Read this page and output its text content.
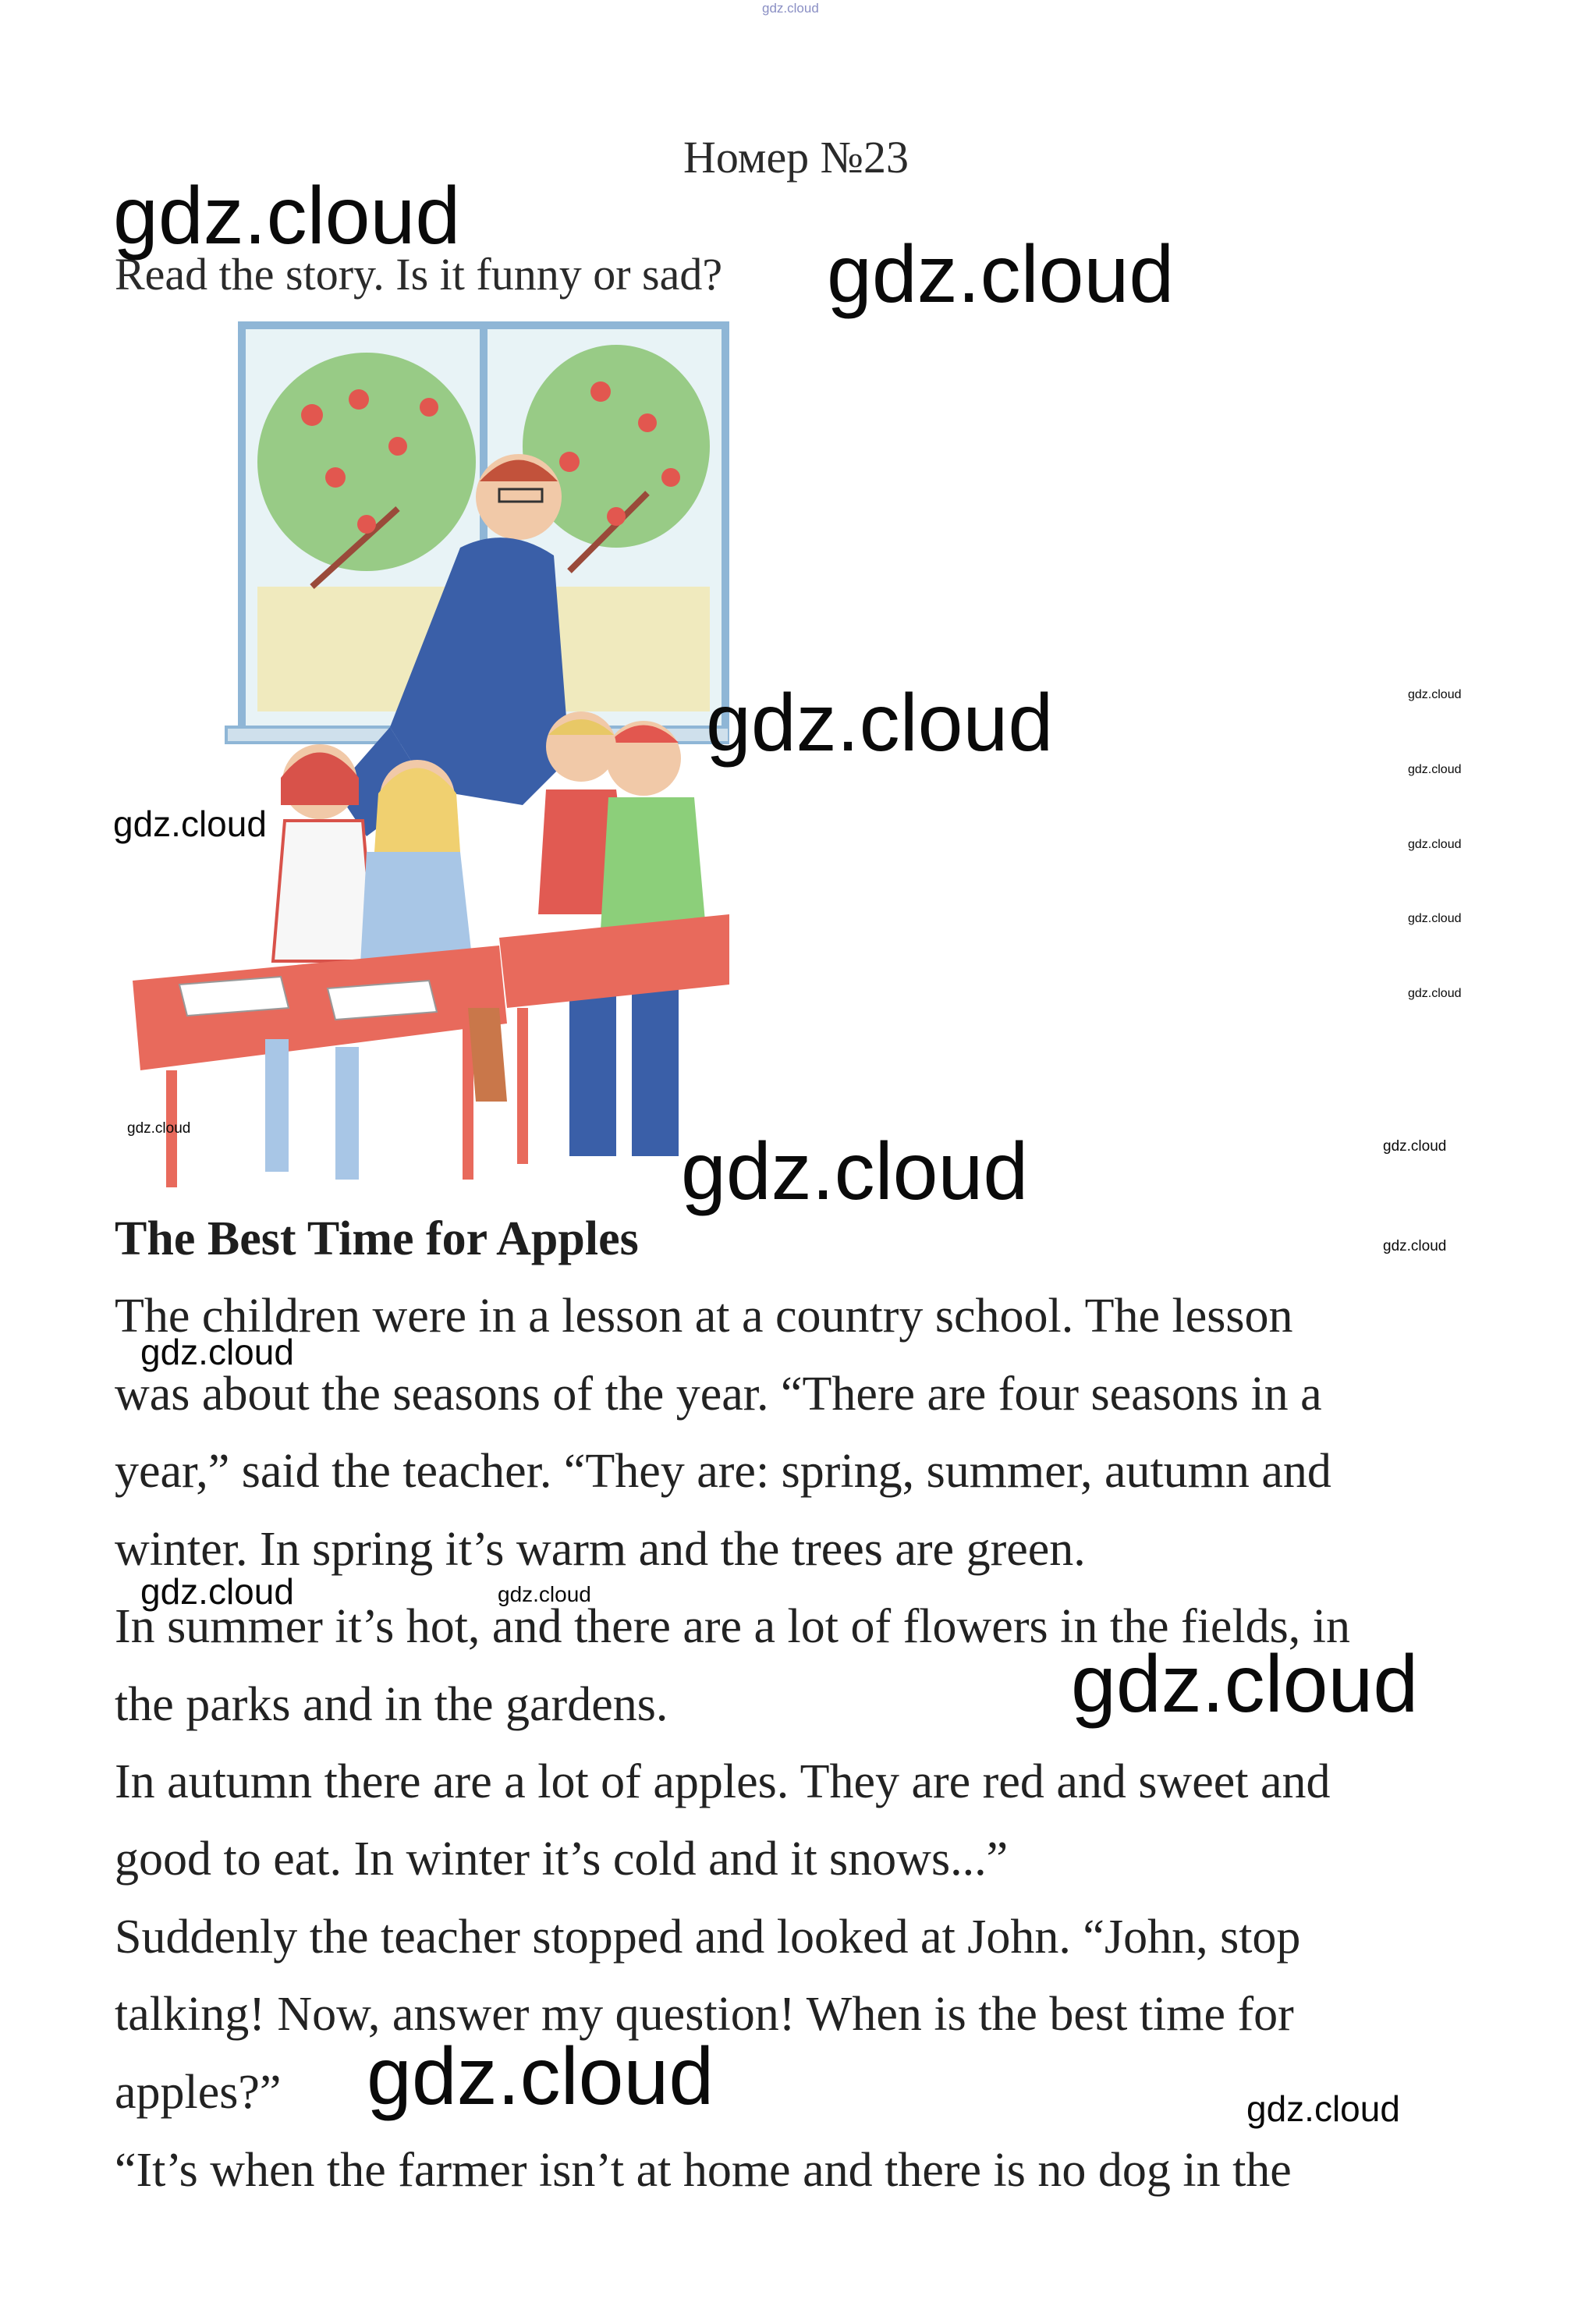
gdz.cloud
Номер №23
Read the story. Is it funny or sad?
The Best Time for Apples
The children were in a lesson at a country school. The lesson
was about the seasons of the year. “There are four seasons in a
year,” said the teacher. “They are: spring, summer, autumn and
winter. In spring it’s warm and the trees are green.
In summer it’s hot, and there are a lot of flowers in the fields, in
the parks and in the gardens.
In autumn there are a lot of apples. They are red and sweet and
good to eat. In winter it’s cold and it snows...”
Suddenly the teacher stopped and looked at John. “John, stop
talking! Now, answer my question! When is the best time for
apples?”
“It’s when the farmer isn’t at home and there is no dog in the
gdz.cloud
gdz.cloud
gdz.cloud
gdz.cloud
gdz.cloud
gdz.cloud
gdz.cloud	gdz.cloud
gdz.cloud
gdz.cloud	gdz.cloud
gdz.cloud
gdz.cloud
gdz.cloud
gdz.cloud
gdz.cloud
gdz.cloud
gdz.cloud
gdz.cloud
